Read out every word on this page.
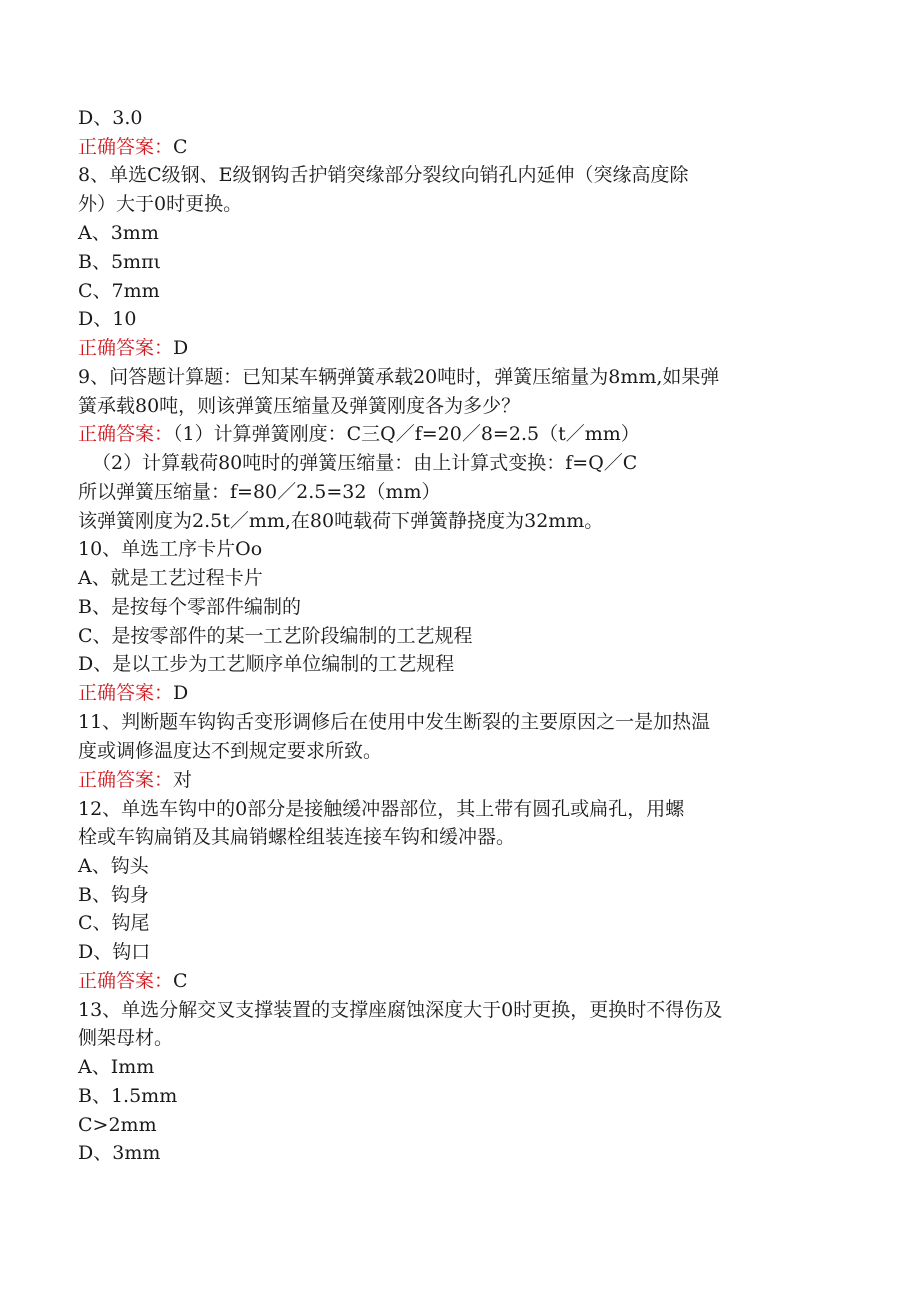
D、3.0
正确答案：C
8、单选C级钢、E级钢钩舌护销突缘部分裂纹向销孔内延伸（突缘高度除
外）大于0时更换。
A、3mm
B、5mπι
C、7mm
D、10
正确答案：D
9、问答题计算题：已知某车辆弹簧承载20吨时，弹簧压缩量为8mm,如果弹
簧承载80吨，则该弹簧压缩量及弹簧刚度各为多少？
正确答案：（1）计算弹簧刚度：C三Q／f=20／8=2.5（t／mm）
（2）计算载荷80吨时的弹簧压缩量：由上计算式变换：f=Q／C
所以弹簧压缩量：f=80／2.5=32（mm）
该弹簧刚度为2.5t／mm,在80吨载荷下弹簧静挠度为32mm。
10、单选工序卡片Oo
A、就是工艺过程卡片
B、是按每个零部件编制的
C、是按零部件的某一工艺阶段编制的工艺规程
D、是以工步为工艺顺序单位编制的工艺规程
正确答案：D
11、判断题车钩钩舌变形调修后在使用中发生断裂的主要原因之一是加热温
度或调修温度达不到规定要求所致。
正确答案：对
12、单选车钩中的0部分是接触缓冲器部位，其上带有圆孔或扁孔，用螺
栓或车钩扁销及其扁销螺栓组装连接车钩和缓冲器。
A、钩头
B、钩身
C、钩尾
D、钩口
正确答案：C
13、单选分解交叉支撑装置的支撑座腐蚀深度大于0时更换，更换时不得伤及
侧架母材。
A、Imm
B、1.5mm
C>2mm
D、3mm
